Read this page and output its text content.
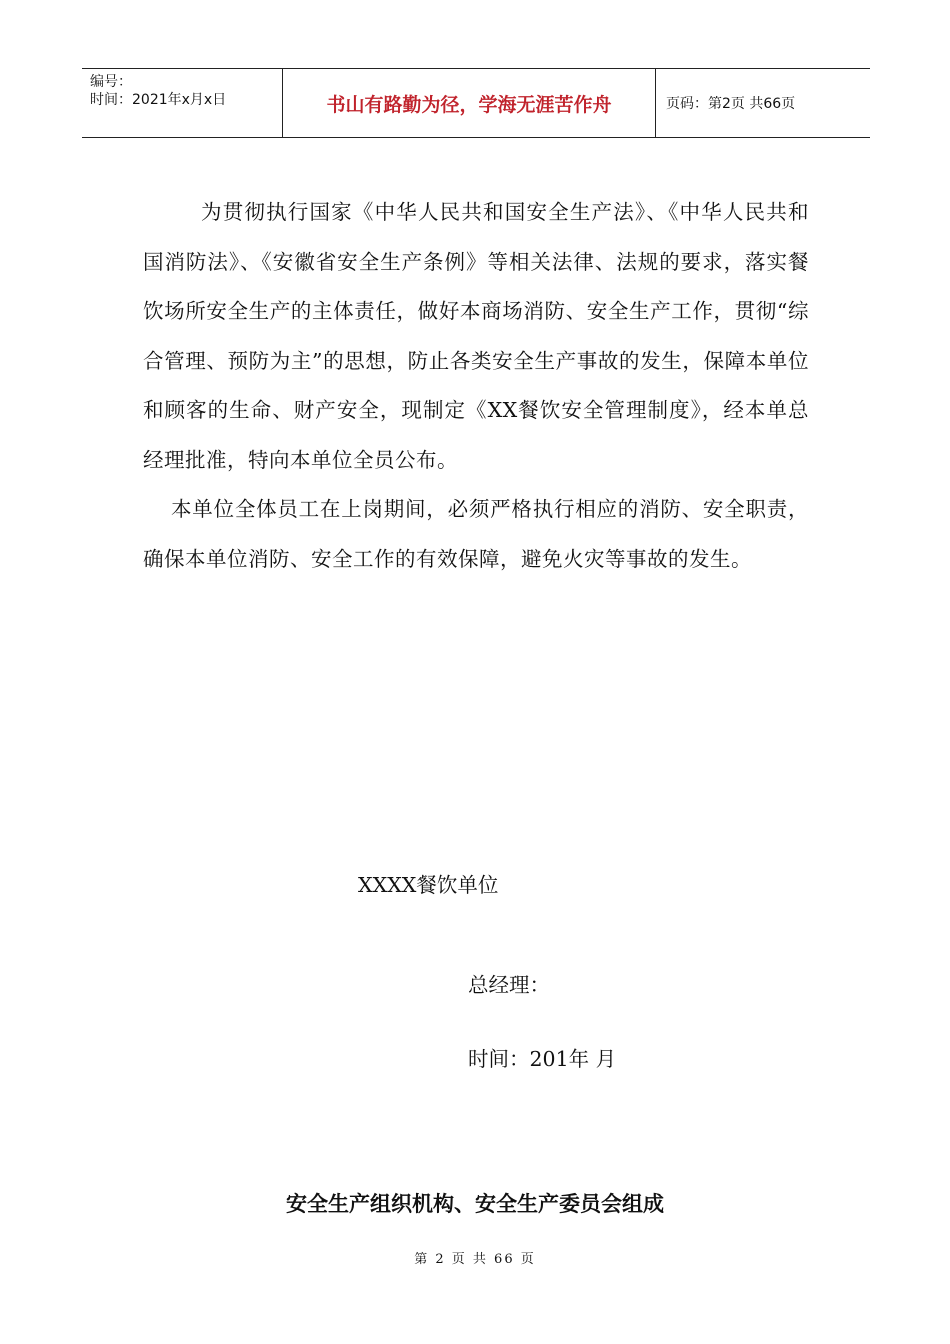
编号：
时间：2021年x月x日	书山有路勤为径，学海无涯苦作舟	页码：第2页 共66页

为贯彻执行国家《中华人民共和国安全生产法》、《中华人民共和国消防法》、《安徽省安全生产条例》等相关法律、法规的要求，落实餐饮场所安全生产的主体责任，做好本商场消防、安全生产工作，贯彻“综合管理、预防为主”的思想，防止各类安全生产事故的发生，保障本单位和顾客的生命、财产安全，现制定《XX餐饮安全管理制度》，经本单总经理批准，特向本单位全员公布。

本单位全体员工在上岗期间，必须严格执行相应的消防、安全职责，确保本单位消防、安全工作的有效保障，避免火灾等事故的发生。

XXXX餐饮单位
总经理：
时间：201年 月
安全生产组织机构、安全生产委员会组成
第 2 页 共 66 页
